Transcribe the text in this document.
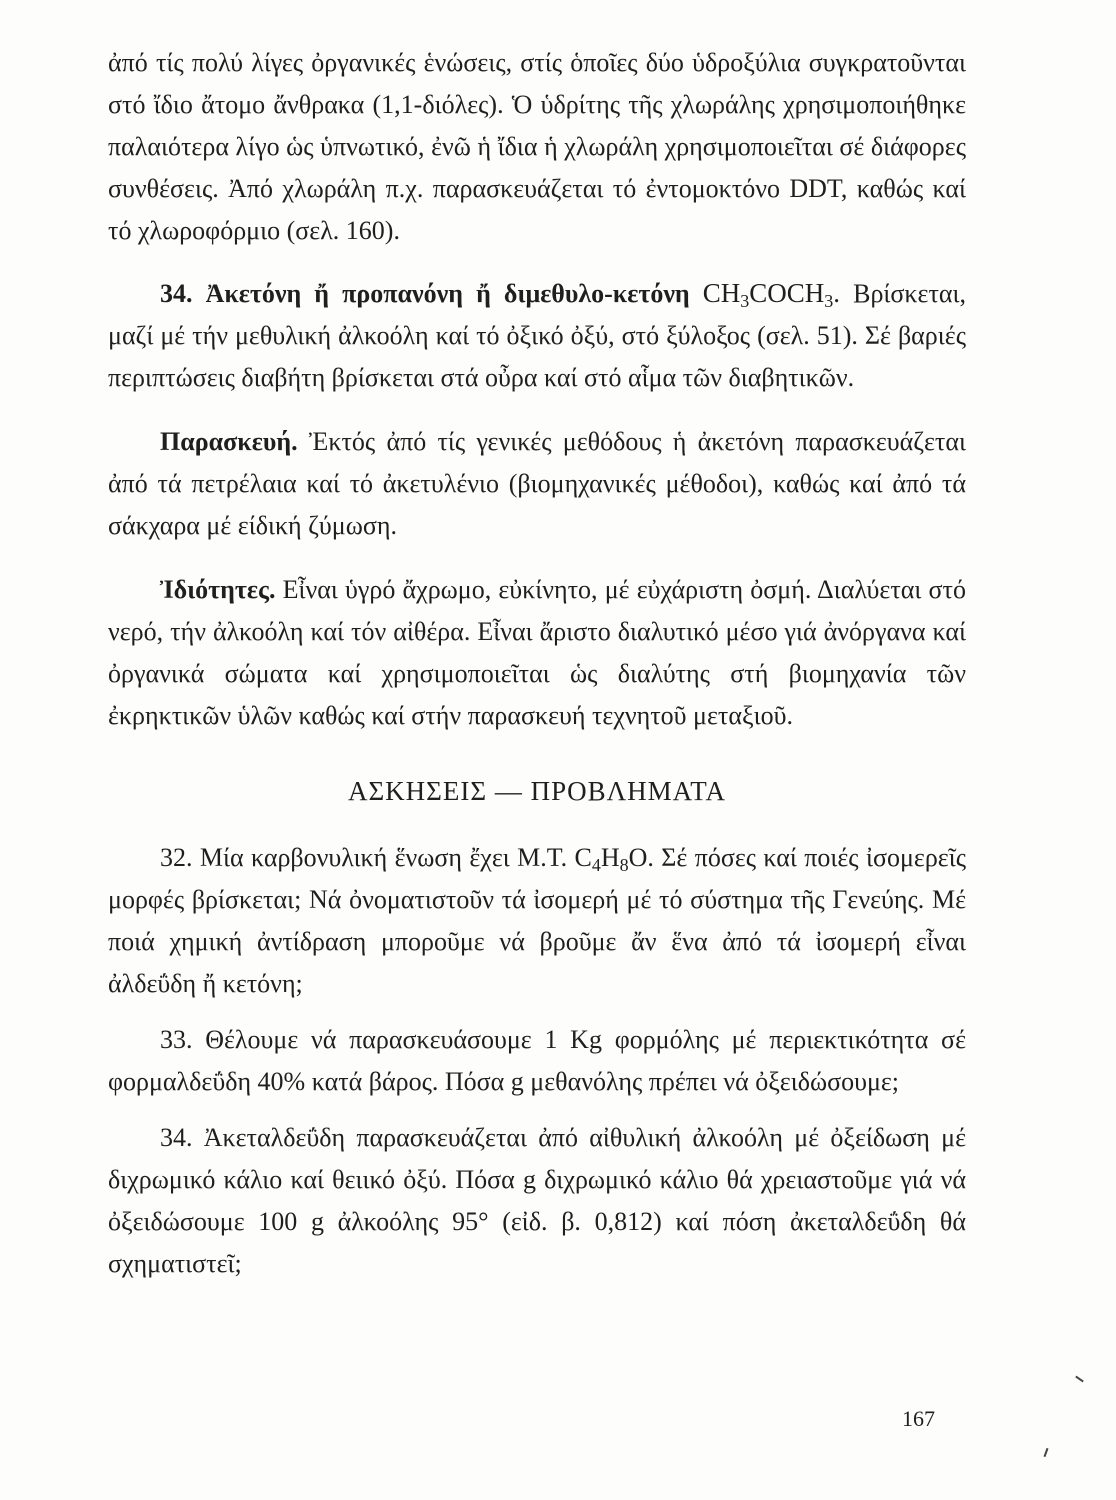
ἀπό τίς πολύ λίγες ὀργανικές ἑνώσεις, στίς ὁποῖες δύο ὑδροξύλια συγκρατοῦνται στό ἴδιο ἄτομο ἄνθρακα (1,1-διόλες). Ὁ ὑδρίτης τῆς χλωράλης χρησιμοποιήθηκε παλαιότερα λίγο ὡς ὑπνωτικό, ἐνῶ ἡ ἴδια ἡ χλωράλη χρησιμοποιεῖται σέ διάφορες συνθέσεις. Ἀπό χλωράλη π.χ. παρασκευάζεται τό ἐντομοκτόνο DDT, καθώς καί τό χλωροφόρμιο (σελ. 160).

34. Ἀκετόνη ἤ προπανόνη ἤ διμεθυλο-κετόνη $CH_3COCH_3$. Βρίσκεται, μαζί μέ τήν μεθυλική ἀλκοόλη καί τό ὀξικό ὀξύ, στό ξύλοξος (σελ. 51). Σέ βαριές περιπτώσεις διαβήτη βρίσκεται στά οὖρα καί στό αἷμα τῶν διαβητικῶν.

Παρασκευή. Ἐκτός ἀπό τίς γενικές μεθόδους ἡ ἀκετόνη παρασκευάζεται ἀπό τά πετρέλαια καί τό ἀκετυλένιο (βιομηχανικές μέθοδοι), καθώς καί ἀπό τά σάκχαρα μέ είδική ζύμωση.

Ἰδιότητες. Εἶναι ὑγρό ἄχρωμο, εὐκίνητο, μέ εὐχάριστη ὀσμή. Διαλύεται στό νερό, τήν ἀλκοόλη καί τόν αἰθέρα. Εἶναι ἄριστο διαλυτικό μέσο γιά ἀνόργανα καί ὀργανικά σώματα καί χρησιμοποιεῖται ὡς διαλύτης στή βιομηχανία τῶν ἐκρηκτικῶν ὑλῶν καθώς καί στήν παρασκευή τεχνητοῦ μεταξιοῦ.

ΑΣΚΗΣΕΙΣ — ΠΡΟΒΛΗΜΑΤΑ

32. Μία καρβονυλική ἕνωση ἔχει Μ.Τ. $C_4H_8O$. Σέ πόσες καί ποιές ἰσομερεῖς μορφές βρίσκεται; Νά ὀνοματιστοῦν τά ἰσομερή μέ τό σύστημα τῆς Γενεύης. Μέ ποιά χημική ἀντίδραση μποροῦμε νά βροῦμε ἄν ἕνα ἀπό τά ἰσομερή εἶναι ἀλδεΰδη ἤ κετόνη;

33. Θέλουμε νά παρασκευάσουμε 1 Kg φορμόλης μέ περιεκτικότητα σέ φορμαλδεΰδη 40% κατά βάρος. Πόσα g μεθανόλης πρέπει νά ὀξειδώσουμε;

34. Ἀκεταλδεΰδη παρασκευάζεται ἀπό αἰθυλική ἀλκοόλη μέ ὀξείδωση μέ διχρωμικό κάλιο καί θειικό ὀξύ. Πόσα g διχρωμικό κάλιο θά χρειαστοῦμε γιά νά ὀξειδώσουμε 100 g ἀλκοόλης 95° (εἰδ. β. 0,812) καί πόση ἀκεταλδεΰδη θά σχηματιστεῖ;

167
